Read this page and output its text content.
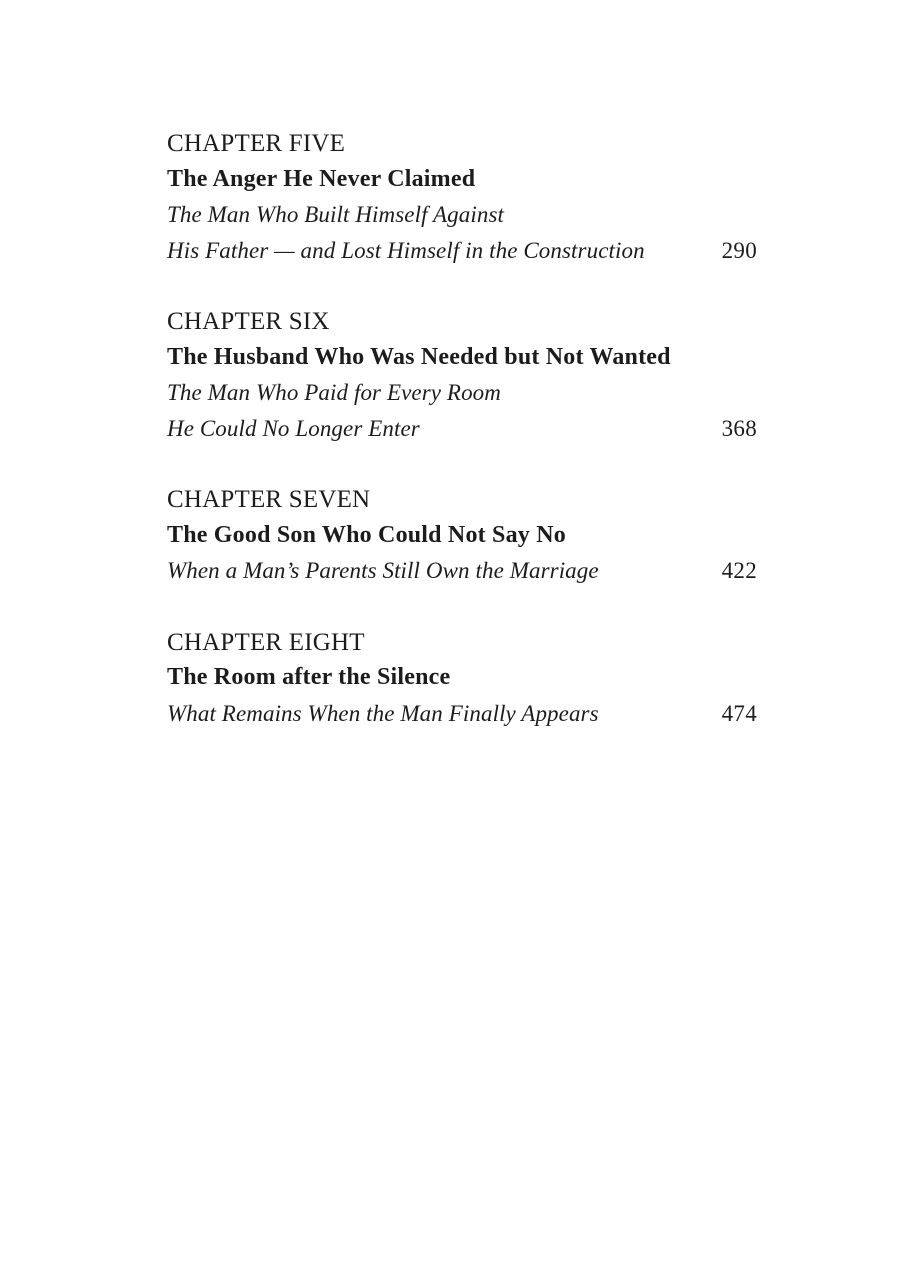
CHAPTER FIVE
The Anger He Never Claimed
The Man Who Built Himself Against
His Father — and Lost Himself in the Construction	290
CHAPTER SIX
The Husband Who Was Needed but Not Wanted
The Man Who Paid for Every Room
He Could No Longer Enter	368
CHAPTER SEVEN
The Good Son Who Could Not Say No
When a Man’s Parents Still Own the Marriage	422
CHAPTER EIGHT
The Room after the Silence
What Remains When the Man Finally Appears	474
